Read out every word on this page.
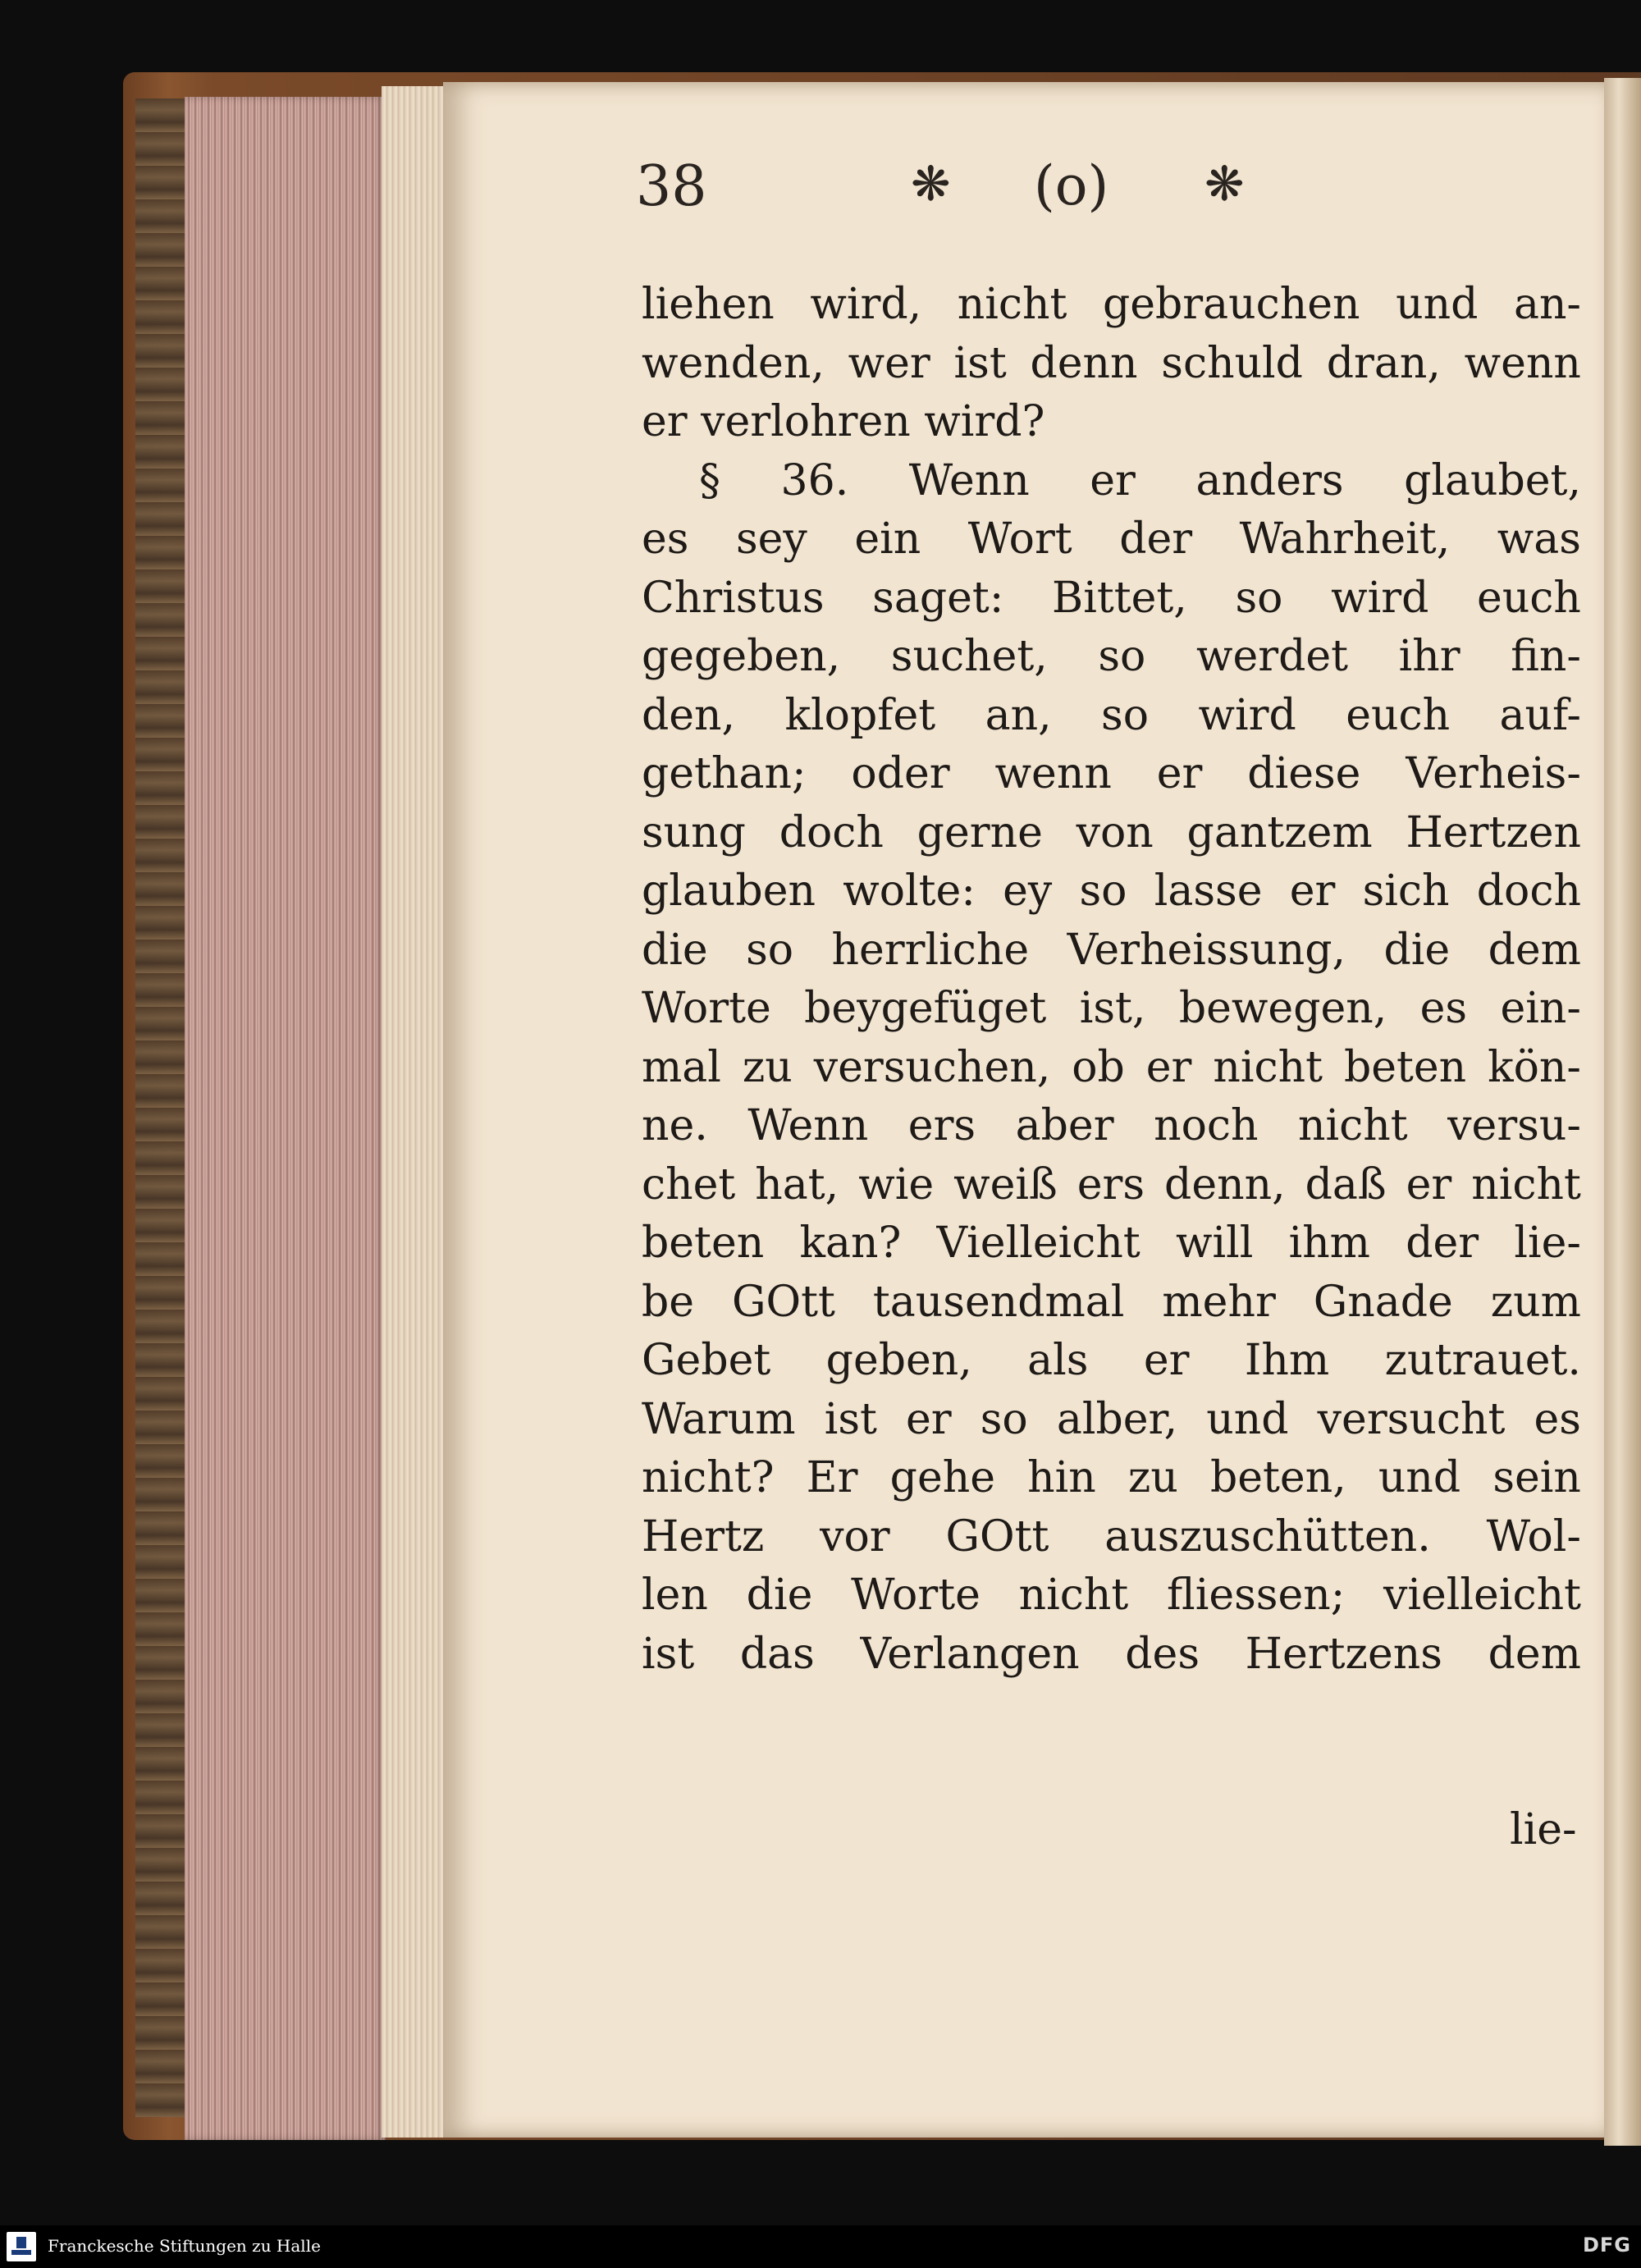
38	❋ (o) ❋
liehen wird, nicht gebrauchen und an-
wenden, wer ist denn schuld dran, wenn
er verlohren wird?
§ 36. Wenn er anders glaubet,
es sey ein Wort der Wahrheit, was
Christus saget: Bittet, so wird euch
gegeben, suchet, so werdet ihr fin-
den, klopfet an, so wird euch auf-
gethan; oder wenn er diese Verheis-
sung doch gerne von gantzem Hertzen
glauben wolte: ey so lasse er sich doch
die so herrliche Verheissung, die dem
Worte beygefüget ist, bewegen, es ein-
mal zu versuchen, ob er nicht beten kön-
ne. Wenn ers aber noch nicht versu-
chet hat, wie weiß ers denn, daß er nicht
beten kan? Vielleicht will ihm der lie-
be GOtt tausendmal mehr Gnade zum
Gebet geben, als er Ihm zutrauet.
Warum ist er so alber, und versucht es
nicht? Er gehe hin zu beten, und sein
Hertz vor GOtt auszuschütten. Wol-
len die Worte nicht fliessen; vielleicht
ist das Verlangen des Hertzens dem
lie-
Franckesche Stiftungen zu Halle	DFG
